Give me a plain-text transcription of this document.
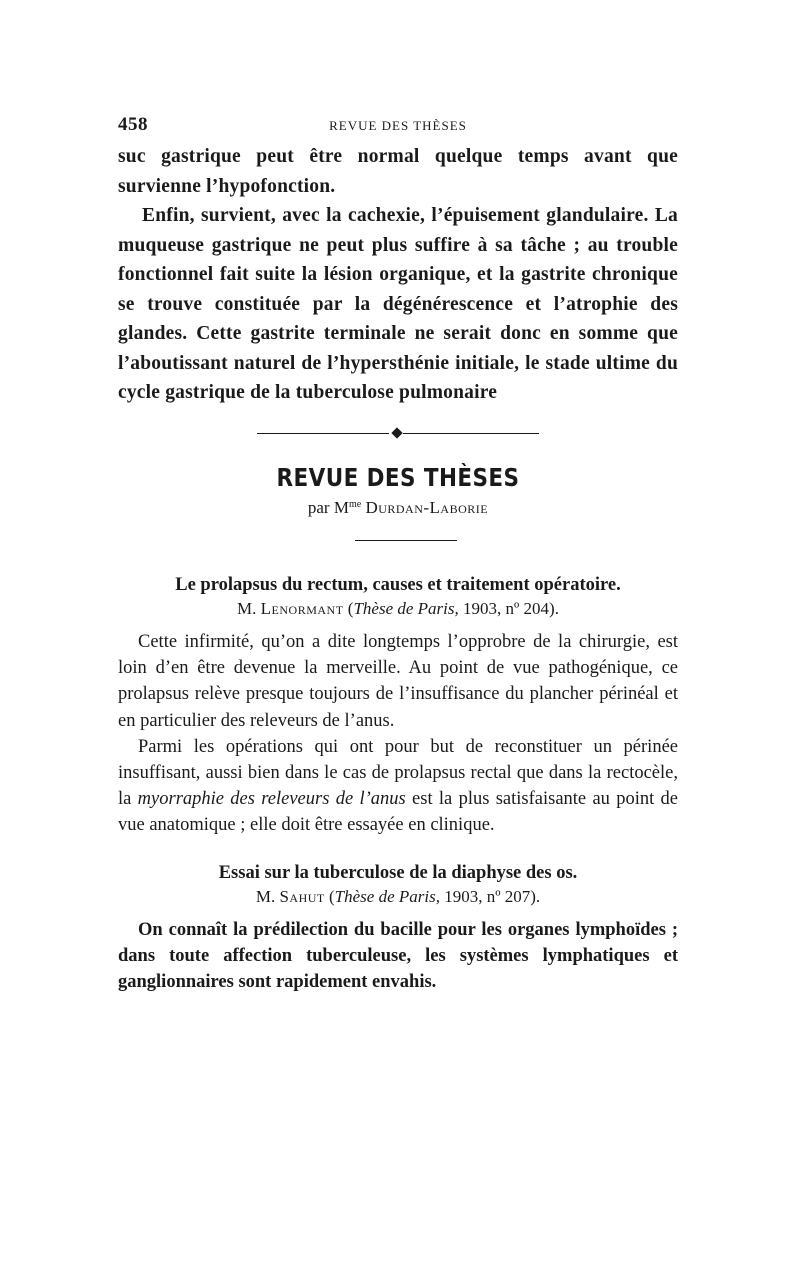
458	REVUE DES THÈSES

suc gastrique peut être normal quelque temps avant que survienne l’hypofonction.

Enfin, survient, avec la cachexie, l’épuisement glandulaire. La muqueuse gastrique ne peut plus suffire à sa tâche ; au trouble fonctionnel fait suite la lésion organique, et la gastrite chronique se trouve constituée par la dégénérescence et l’atrophie des glandes. Cette gastrite terminale ne serait donc en somme que l’aboutissant naturel de l’hypersthénie initiale, le stade ultime du cycle gastrique de la tuberculose pulmonaire

REVUE DES THÈSES
par $M^{me}$ Durdan-Laborie
Le prolapsus du rectum, causes et traitement opératoire.
M. Lenormant (Thèse de Paris, 1903, nº 204).

Cette infirmité, qu’on a dite longtemps l’opprobre de la chirurgie, est loin d’en être devenue la merveille. Au point de vue pathogénique, ce prolapsus relève presque toujours de l’insuffisance du plancher périnéal et en particulier des releveurs de l’anus.

Parmi les opérations qui ont pour but de reconstituer un périnée insuffisant, aussi bien dans le cas de prolapsus rectal que dans la rectocèle, la myorraphie des releveurs de l’anus est la plus satisfaisante au point de vue anatomique ; elle doit être essayée en clinique.

Essai sur la tuberculose de la diaphyse des os.
M. Sahut (Thèse de Paris, 1903, nº 207).

On connaît la prédilection du bacille pour les organes lymphoïdes ; dans toute affection tuberculeuse, les systèmes lymphatiques et ganglionnaires sont rapidement envahis.
